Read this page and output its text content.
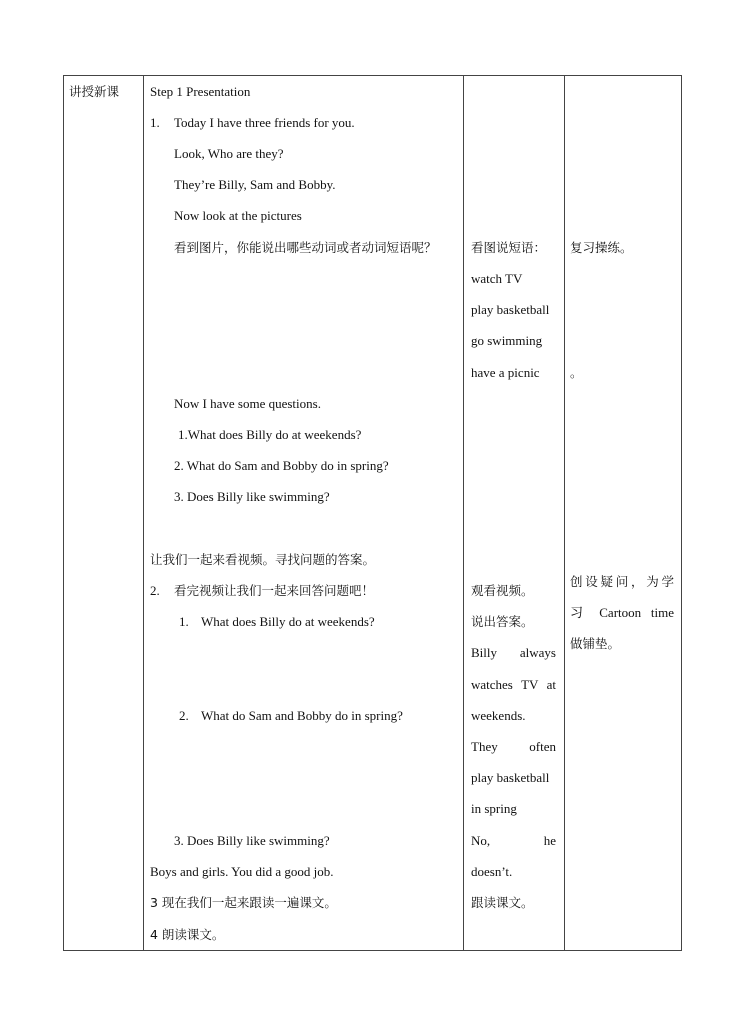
讲授新课 Step 1 Presentation
1. Today I have three friends for you.
Look, Who are they?
They’re Billy, Sam and Bobby.
Now look at the pictures
看到图片，你能说出哪些动词或者动词短语呢？
Now I have some questions.
1.What does Billy do at weekends?
2. What do Sam and Bobby do in spring?
3. Does Billy like swimming?
让我们一起来看视频。寻找问题的答案。
2. 看完视频让我们一起来回答问题吧！
1. What does Billy do at weekends?
2. What do Sam and Bobby do in spring?
3. Does Billy like swimming?
Boys and girls. You did a good job.
3 现在我们一起来跟读一遍课文。
4 朗读课文。
看图说短语：
watch TV
play basketball
go swimming
have a picnic
观看视频。
说出答案。
Billy always
watches TV at
weekends.
They often
play basketball
in spring
No, he
doesn’t.
跟读课文。
复习操练。
。
创设疑问，为学
习 Cartoon time
做铺垫。
